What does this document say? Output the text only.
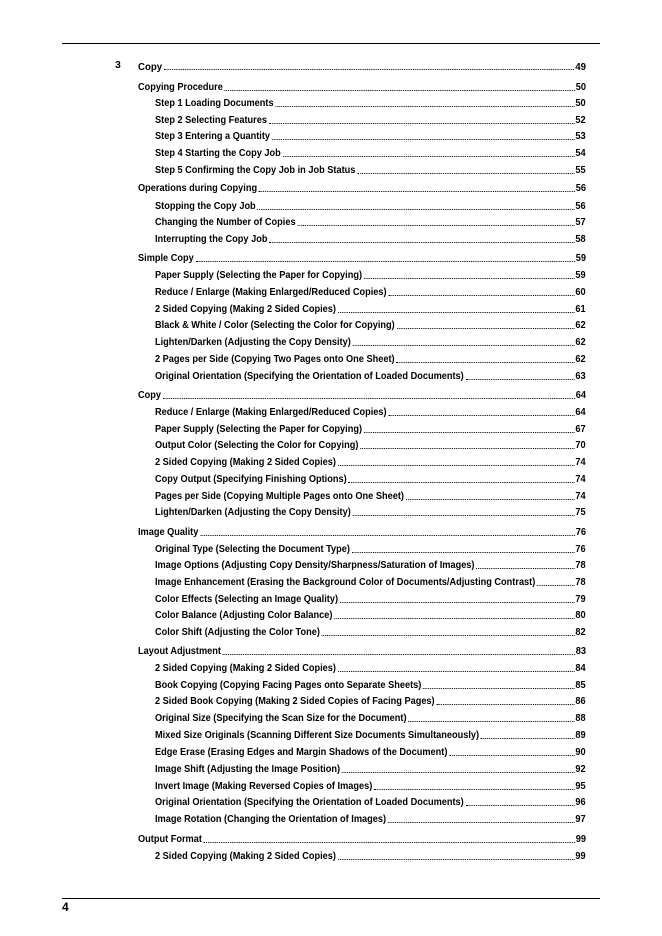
3 Copy	49
Copying Procedure	50
Step 1 Loading Documents	50
Step 2 Selecting Features	52
Step 3 Entering a Quantity	53
Step 4 Starting the Copy Job	54
Step 5 Confirming the Copy Job in Job Status	55
Operations during Copying	56
Stopping the Copy Job	56
Changing the Number of Copies	57
Interrupting the Copy Job	58
Simple Copy	59
Paper Supply (Selecting the Paper for Copying)	59
Reduce / Enlarge (Making Enlarged/Reduced Copies)	60
2 Sided Copying (Making 2 Sided Copies)	61
Black & White / Color (Selecting the Color for Copying)	62
Lighten/Darken (Adjusting the Copy Density)	62
2 Pages per Side (Copying Two Pages onto One Sheet)	62
Original Orientation (Specifying the Orientation of Loaded Documents)	63
Copy	64
Reduce / Enlarge (Making Enlarged/Reduced Copies)	64
Paper Supply (Selecting the Paper for Copying)	67
Output Color (Selecting the Color for Copying)	70
2 Sided Copying (Making 2 Sided Copies)	74
Copy Output (Specifying Finishing Options)	74
Pages per Side (Copying Multiple Pages onto One Sheet)	74
Lighten/Darken (Adjusting the Copy Density)	75
Image Quality	76
Original Type (Selecting the Document Type)	76
Image Options (Adjusting Copy Density/Sharpness/Saturation of Images)	78
Image Enhancement (Erasing the Background Color of Documents/Adjusting Contrast)	78
Color Effects (Selecting an Image Quality)	79
Color Balance (Adjusting Color Balance)	80
Color Shift (Adjusting the Color Tone)	82
Layout Adjustment	83
2 Sided Copying (Making 2 Sided Copies)	84
Book Copying (Copying Facing Pages onto Separate Sheets)	85
2 Sided Book Copying (Making 2 Sided Copies of Facing Pages)	86
Original Size (Specifying the Scan Size for the Document)	88
Mixed Size Originals (Scanning Different Size Documents Simultaneously)	89
Edge Erase (Erasing Edges and Margin Shadows of the Document)	90
Image Shift (Adjusting the Image Position)	92
Invert Image (Making Reversed Copies of Images)	95
Original Orientation (Specifying the Orientation of Loaded Documents)	96
Image Rotation (Changing the Orientation of Images)	97
Output Format	99
2 Sided Copying (Making 2 Sided Copies)	99
4
